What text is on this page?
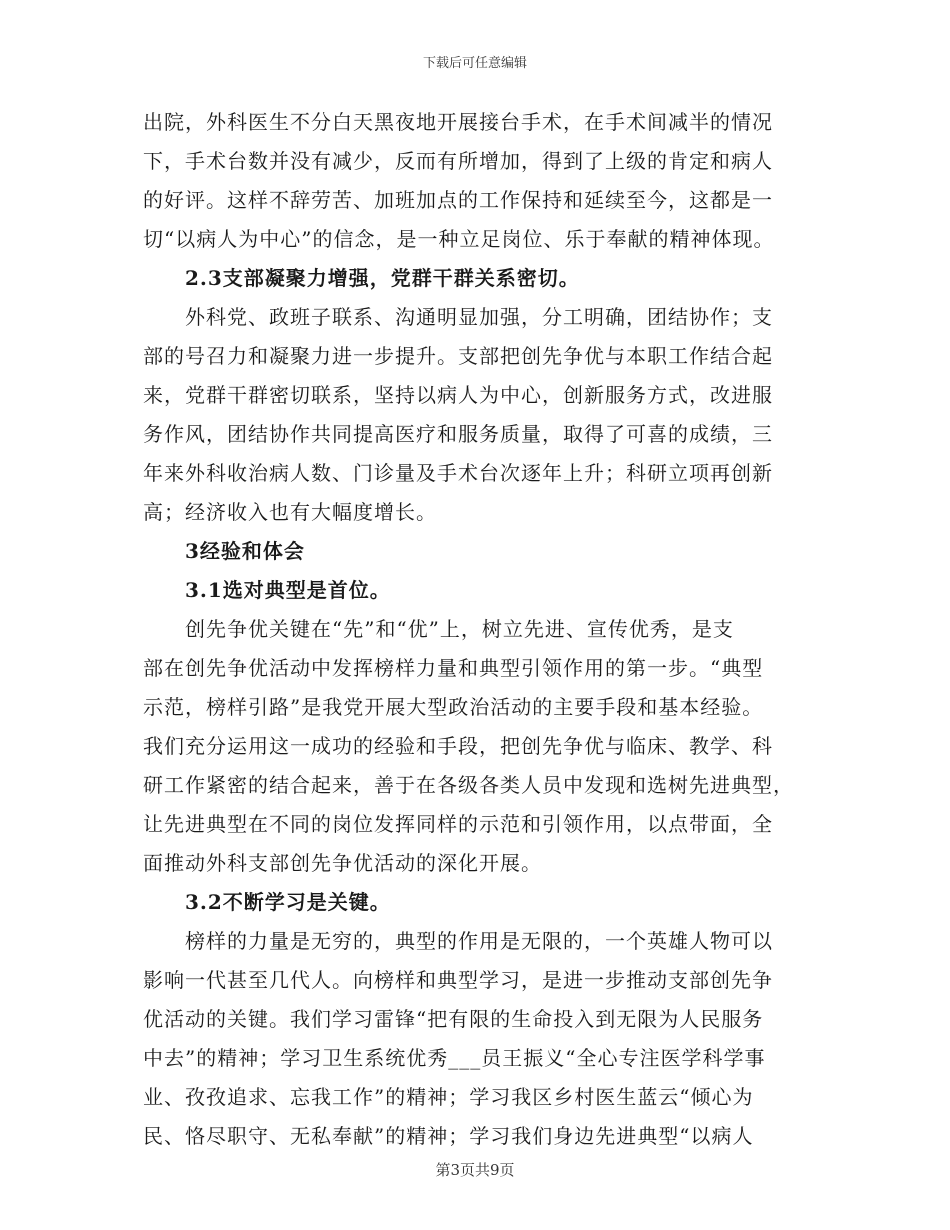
下载后可任意编辑
出院，外科医生不分白天黑夜地开展接台手术，在手术间减半的情况
下，手术台数并没有减少，反而有所增加，得到了上级的肯定和病人
的好评。这样不辞劳苦、加班加点的工作保持和延续至今，这都是一
切“以病人为中心”的信念，是一种立足岗位、乐于奉献的精神体现。
2.3支部凝聚力增强，党群干群关系密切。
外科党、政班子联系、沟通明显加强，分工明确，团结协作；支
部的号召力和凝聚力进一步提升。支部把创先争优与本职工作结合起
来，党群干群密切联系，坚持以病人为中心，创新服务方式，改进服
务作风，团结协作共同提高医疗和服务质量，取得了可喜的成绩，三
年来外科收治病人数、门诊量及手术台次逐年上升；科研立项再创新
高；经济收入也有大幅度增长。
3经验和体会
3.1选对典型是首位。
创先争优关键在“先”和“优”上，树立先进、宣传优秀，是支
部在创先争优活动中发挥榜样力量和典型引领作用的第一步。“典型
示范，榜样引路”是我党开展大型政治活动的主要手段和基本经验。
我们充分运用这一成功的经验和手段，把创先争优与临床、教学、科
研工作紧密的结合起来，善于在各级各类人员中发现和选树先进典型，
让先进典型在不同的岗位发挥同样的示范和引领作用，以点带面，全
面推动外科支部创先争优活动的深化开展。
3.2不断学习是关键。
榜样的力量是无穷的，典型的作用是无限的，一个英雄人物可以
影响一代甚至几代人。向榜样和典型学习，是进一步推动支部创先争
优活动的关键。我们学习雷锋“把有限的生命投入到无限为人民服务
中去”的精神；学习卫生系统优秀___员王振义“全心专注医学科学事
业、孜孜追求、忘我工作”的精神；学习我区乡村医生蓝云“倾心为
民、恪尽职守、无私奉献”的精神；学习我们身边先进典型“以病人
第3页共9页
